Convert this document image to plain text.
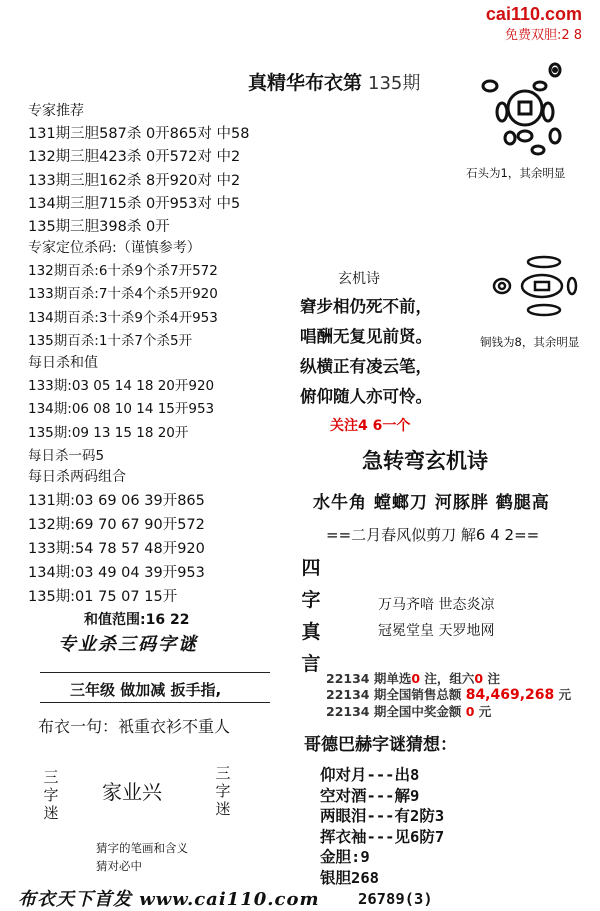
cai110.com
免费双胆:2 8
真精华布衣第 135期
专家推荐
131期三胆587杀 0开865对 中58
132期三胆423杀 0开572对 中2
133期三胆162杀 8开920对 中2
134期三胆715杀 0开953对 中5
135期三胆398杀 0开
专家定位杀码:（谨慎参考）
132期百杀:6十杀9个杀7开572
133期百杀:7十杀4个杀5开920
134期百杀:3十杀9个杀4开953
135期百杀:1十杀7个杀5开
每日杀和值
133期:03 05 14 18 20开920
134期:06 08 10 14 15开953
135期:09 13 15 18 20开
每日杀一码5
每日杀两码组合
131期:03 69 06 39开865
132期:69 70 67 90开572
133期:54 78 57 48开920
134期:03 49 04 39开953
135期:01 75 07 15开
和值范围:16 22
专业杀三码字谜
三年级 做加减 扳手指,
布衣一句：衹重衣衫不重人
三字迷
家业兴
三字迷
猜字的笔画和含义
猜对必中
石头为1，其余明显
铜钱为8，其余明显
玄机诗
窘步相仍死不前，
唱酬无复见前贤。
纵横正有凌云笔，
俯仰随人亦可怜。
关注4 6一个
急转弯玄机诗
水牛角 螳螂刀 河豚胖 鹤腿高
==二月春风似剪刀 解6 4 2==
四
字
真
言
万马齐喑 世态炎凉
冠冕堂皇 天罗地网
22134 期单选0 注，组六0 注
22134 期全国销售总额 84,469,268 元
22134 期全国中奖金额 0 元
哥德巴赫字谜猜想：
仰对月---出8
空对酒---解9
两眼泪---有2防3
挥衣袖---见6防7
金胆:9
银胆268
26789(3)
布衣天下首发 www.cai110.com
